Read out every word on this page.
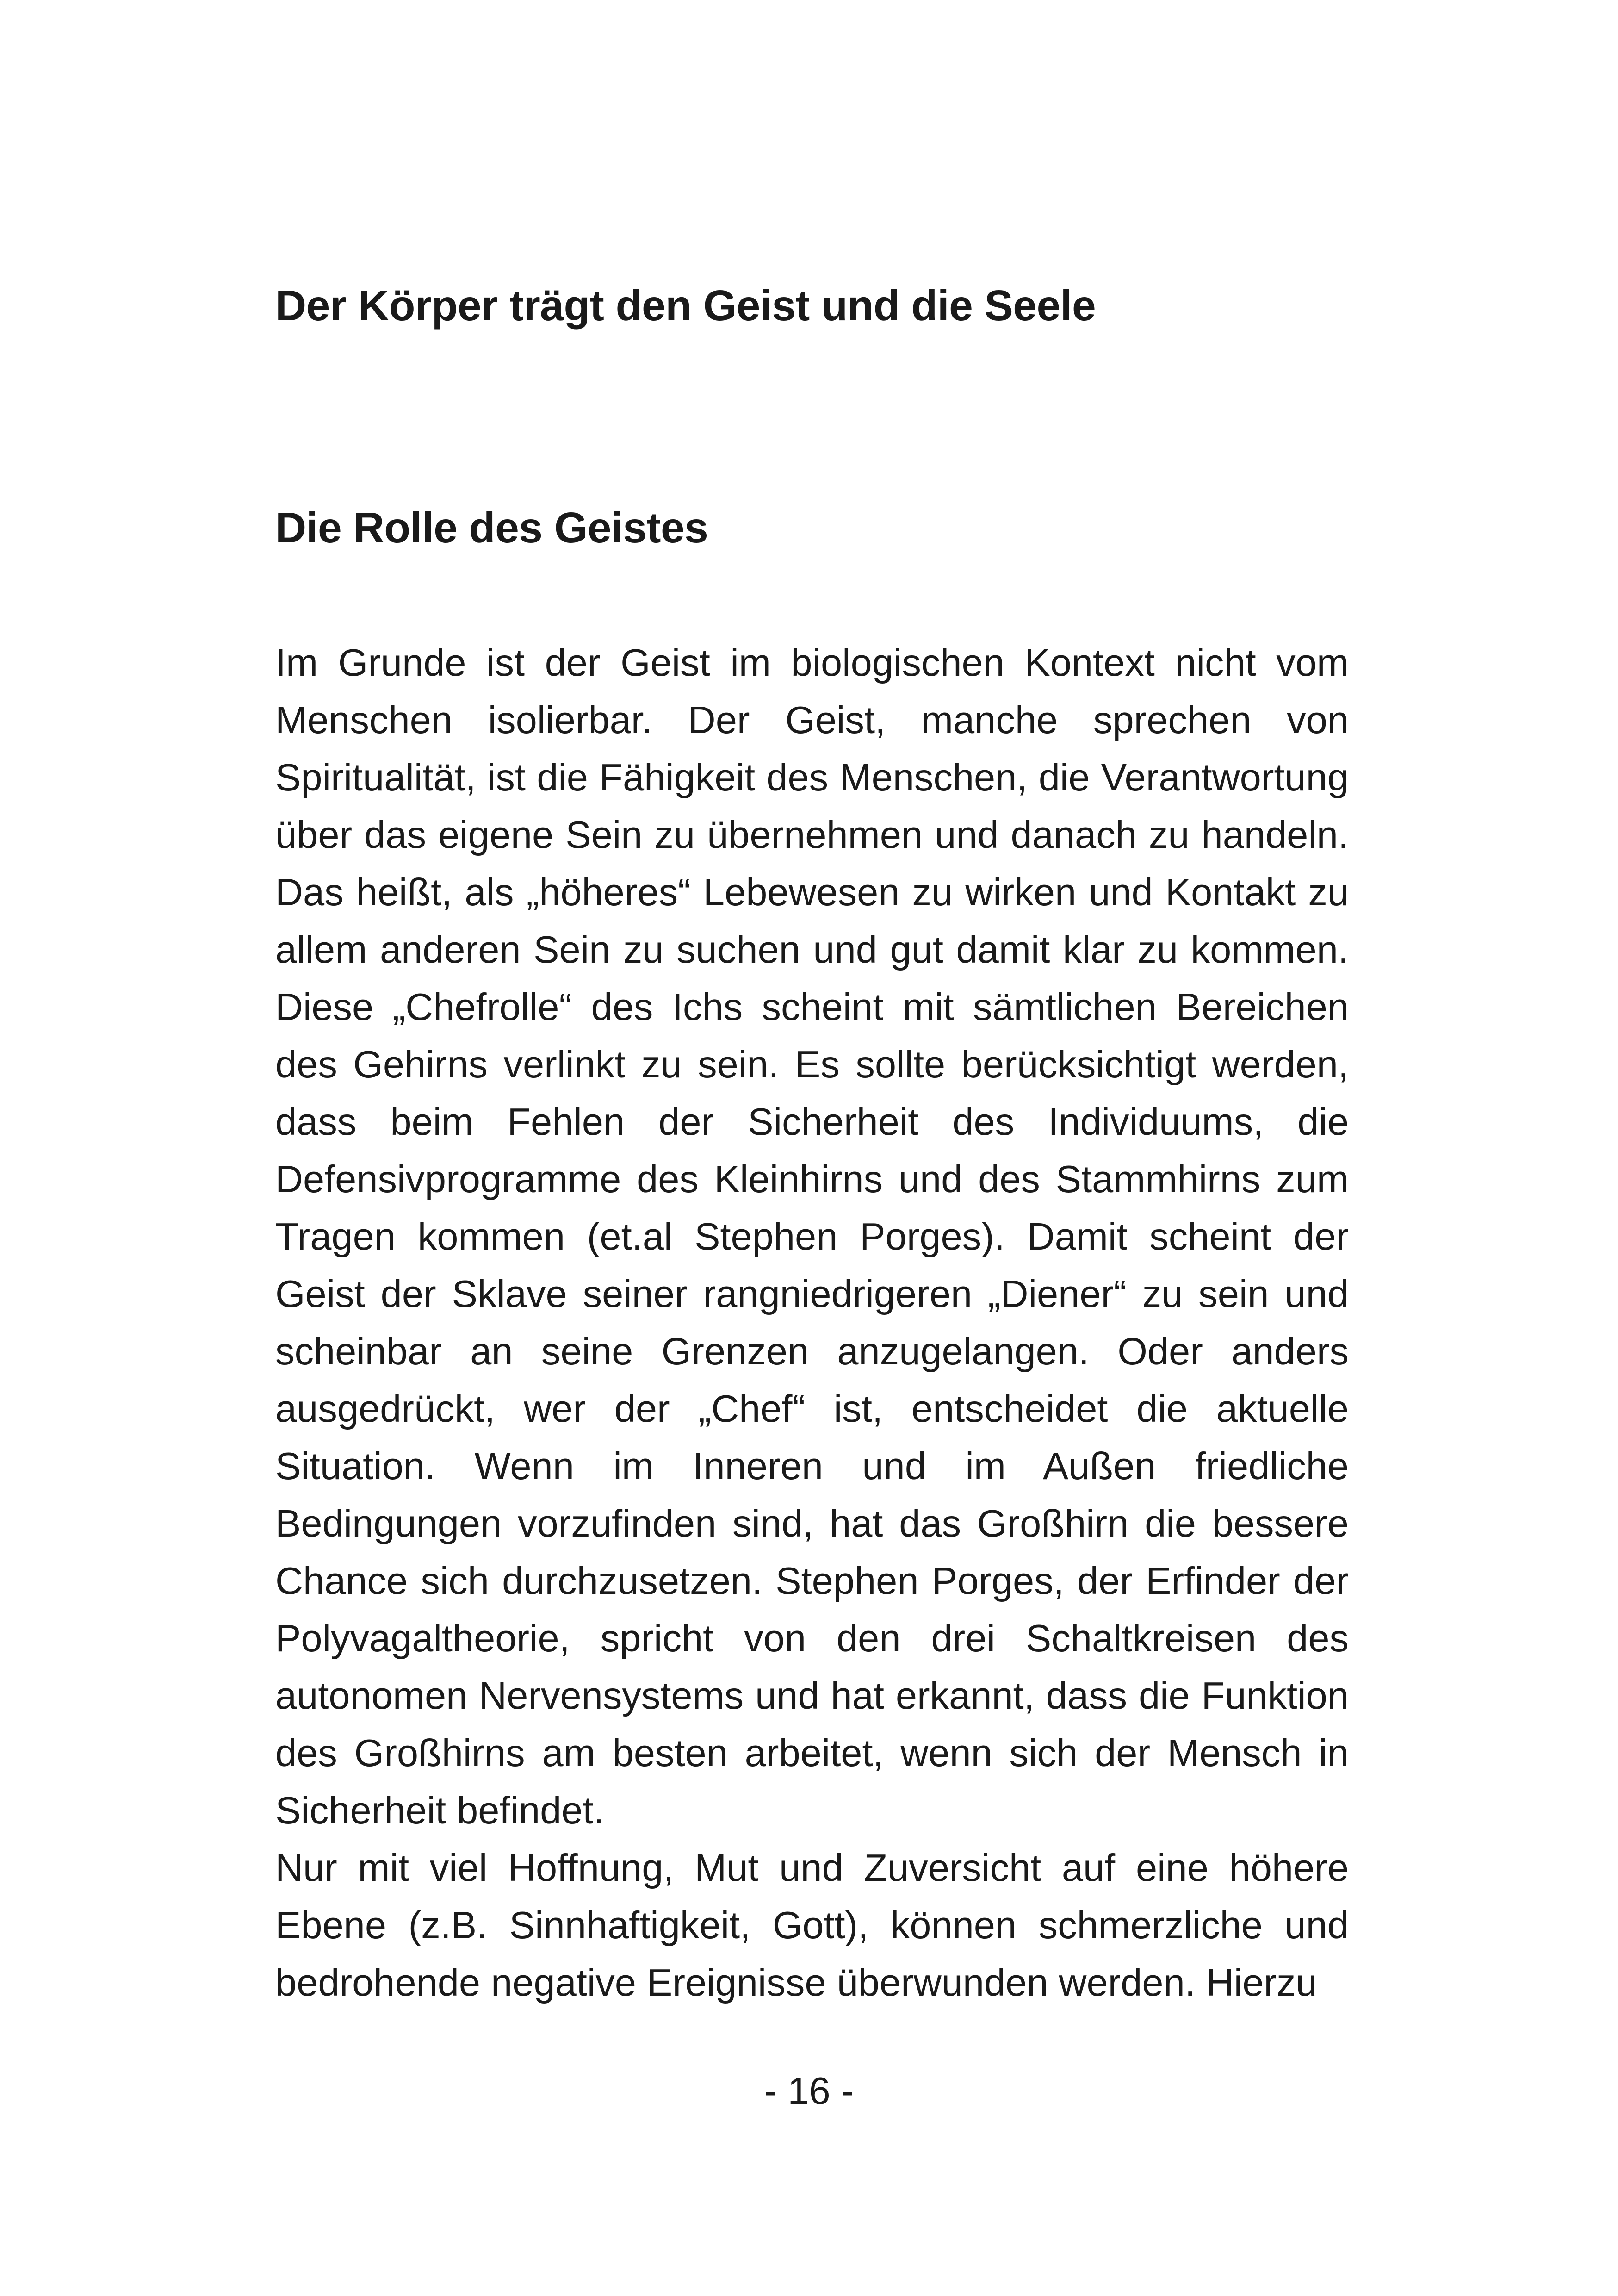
Der Körper trägt den Geist und die Seele
Die Rolle des Geistes

Im Grunde ist der Geist im biologischen Kontext nicht vom Menschen isolierbar. Der Geist, manche sprechen von Spiritualität, ist die Fähigkeit des Menschen, die Verantwortung über das eigene Sein zu übernehmen und danach zu handeln. Das heißt, als „höheres“ Lebewesen zu wirken und Kontakt zu allem anderen Sein zu suchen und gut damit klar zu kommen. Diese „Chefrolle“ des Ichs scheint mit sämtlichen Bereichen des Gehirns verlinkt zu sein. Es sollte berücksichtigt werden, dass beim Fehlen der Sicherheit des Individuums, die Defensivprogramme des Kleinhirns und des Stammhirns zum Tragen kommen (et.al Stephen Porges). Damit scheint der Geist der Sklave seiner rangniedrigeren „Diener“ zu sein und scheinbar an seine Grenzen anzugelangen. Oder anders ausgedrückt, wer der „Chef“ ist, entscheidet die aktuelle Situation. Wenn im Inneren und im Außen friedliche Bedingungen vorzufinden sind, hat das Großhirn die bessere Chance sich durchzusetzen. Stephen Porges, der Erfinder der Polyvagaltheorie, spricht von den drei Schaltkreisen des autonomen Nervensystems und hat erkannt, dass die Funktion des Großhirns am besten arbeitet, wenn sich der Mensch in Sicherheit befindet.

Nur mit viel Hoffnung, Mut und Zuversicht auf eine höhere Ebene (z.B. Sinnhaftigkeit, Gott), können schmerzliche und bedrohende negative Ereignisse überwunden werden. Hierzu

- 16 -
